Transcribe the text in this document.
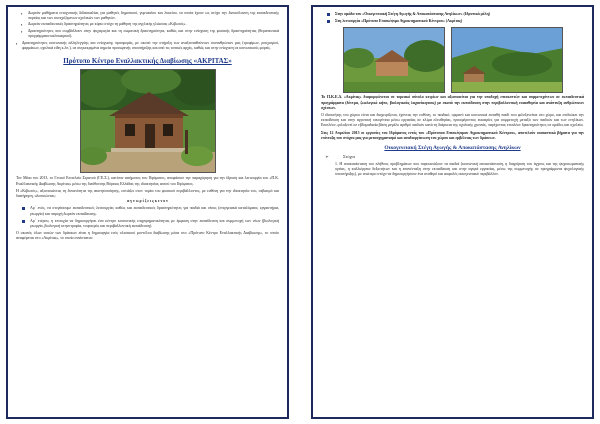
▪ Δωρεάν μαθήματα ενισχυτικής διδασκαλίας για μαθητές δημοτικού, γυμνασίου και λυκείου, τα οποία έχουν ως στόχο την διευκόλυνση της εκπαιδευτικής πορείας και των συνεχιζόμενων σχολικών των μαθητών.
▪ Δωρεάν εκπαιδευτικές δραστηριότητες με κύριο στόχο τη μάθηση της αγγλικής γλώσσας «Κιβωτός».
▪ Δραστηριότητες που συμβάλλουν στην ψυχαγωγία και τη σωματική δραστηριότητα, καθώς και στην ενίσχυση της φυσικής δραστηριότητας (θεραπευτικά προγράμματα καλοκαιριού).

▪ Δραστηριότητες κοινωνικής αλληλεγγύης και ενίσχυσης προσφοράς, με σκοπό την στήριξη των αναξιοπαθούντων συνανθρώπων μας (τροφίμων, ρουχισμού, φαρμάκων, σχολικά είδη κ.λπ.), σε συγκεκριμένα σημεία προσωρινής υποστήριξης και από τις τοπικές αρχές, καθώς και στην ενίσχυση σε κοινωνικούς φορείς.

Πρότυπο Κέντρο Εναλλακτικής Διαβίωσης «ΑΚΡΙΤΑΣ»

Τον Μάιο του 2013, το Γενικό Επιτελείο Στρατού (Γ.Ε.Σ.), κατόπιν αιτήματος του Ιδρύματος, αποφάσισε την παραχώρηση για την ίδρυση και λειτουργία του «Π.Κ. Εναλλακτικής Διαβίωσης Ακρίτας» μέσω της διεύθυνσης Βόρειας Ελλάδας της ιδιοκτησίας αυτού του Ιδρύματος.

Η «Κιβωτός», αξιοποιώντας τη δυνατότητα της ακινητοποίησης, εστιάζει στον τομέα του φυσικού περιβάλλοντος, με ευθύνη για την ιδιοκτησία του, σεβασμό και διατήρηση, υλοποιώντας:

α γ ν ω ρ ί ζ ε ι ς κ ε ν ο ν

Αρ΄ ενός, να στεγάσουμε εκπαιδευτικές λειτουργίες καθώς και εκπαιδευτικές δραστηριότητες για παιδιά και νέους (ενεργειακά καταλύματα, εργαστήρια, γεωργία) και παροχή δωρεάν εκπαίδευσης.
Αρ΄ ετέρου, η επιτυχία να δημιουργήσει ένα κέντρο κοινωνικής επιχειρηματικότητας με έμφαση στην εκπαίδευση και συμμετοχή των νέων (βιολογική γεωργία, βιολογική κτηνοτροφία, τουρισμός και περιβαλλοντική εκπαίδευση).

Ο σκοπός όλων αυτών των δράσεων είναι η δημιουργία ενός ολιστικού μοντέλου διαβίωσης μέσα στο «Πρότυπο Κέντρο Εναλλακτικής Διαβίωσης», το οποίο αναφέρεται στο «Ακρίτας», το οποίο συνίσταται:

Στην ομάδα του «Οικογενειακή Στέγη Αγωγής & Αποκατάστασης Ανηλίκων» (Ιδρυτικά μέλη)
Στη λειτουργία «Πρότυπο Επισκέψιμο Αγροκτηματικού Κέντρου» (Ακρίτας)

Το Π.Κ.Ε.Δ. «Ακρίτας» διαμορφώνεται σε τομεακό σύνολο κτιρίων και αξιοποιείται για την υποδοχή επισκεπτών και συμμετεχόντων σε εκπαιδευτικά προγράμματα (δέντρα, ζωολογικό κήπο, βιολογικούς λαχανόκηπους) με σκοπό την εκπαίδευση στην περιβαλλοντική ευαισθησία και ανάπτυξη ανθρώπινων σχέσεων.

Ο ιδιοκτήτης του χώρου είναι και διαχειρίζεται, έχοντας την ευθύνη, το παιδικό, ορφανό και κοινωνικά ευπαθή παιδί που φιλοξενείται στο χώρο, και επιδιώκει την εκπαίδευση και στην αγροτική οικογένεια μέσω εργασίας σε κλίμα ελευθερίας, προσφέροντας ευκαιρίες για συμμετοχή μεταξύ των παιδιών και των ενηλίκων. Επιπλέον, φιλοξενεί σε εβδομαδιαία βάση μεγάλο αριθμό παιδιών κατά τη διάρκεια της σχολικής χρονιάς, παρέχοντας επιπλέον δραστηριότητες σε ομάδες και σχολεία.

Στις 12 Απριλίου 2015 οι εργασίες του Ιδρύματος εντός του «Πρότυπου Επισκέψιμου Αγροκτηματικού Κέντρου», αποτελούν ουσιαστικά βήματα για την επίτευξη του στόχου μας για μετασχηματισμό και αναδιοργάνωση του χώρου και εμβέλειας των δράσεων.

Οικογενειακή Στέγη Αγωγής & Αποκατάστασης Ανηλίκων
➢ Στόχοι

1. Η αποκατάσταση του πλήθους προβλημάτων που παρουσιάζουν τα παιδιά (κοινωνική αποκατάσταση, η διαχείριση του άγχους και της ψυχοσωματικής υγείας, η καλλιέργεια δεξιοτήτων και η επανένταξη στην εκπαίδευση και στην αγορά εργασίας, μέσω της συμμετοχής σε προγράμματα ψυχολογικής υποστήριξης), με απώτερο στόχο να δημιουργήσουν ένα σταθερό και ασφαλές οικογενειακό περιβάλλον.
